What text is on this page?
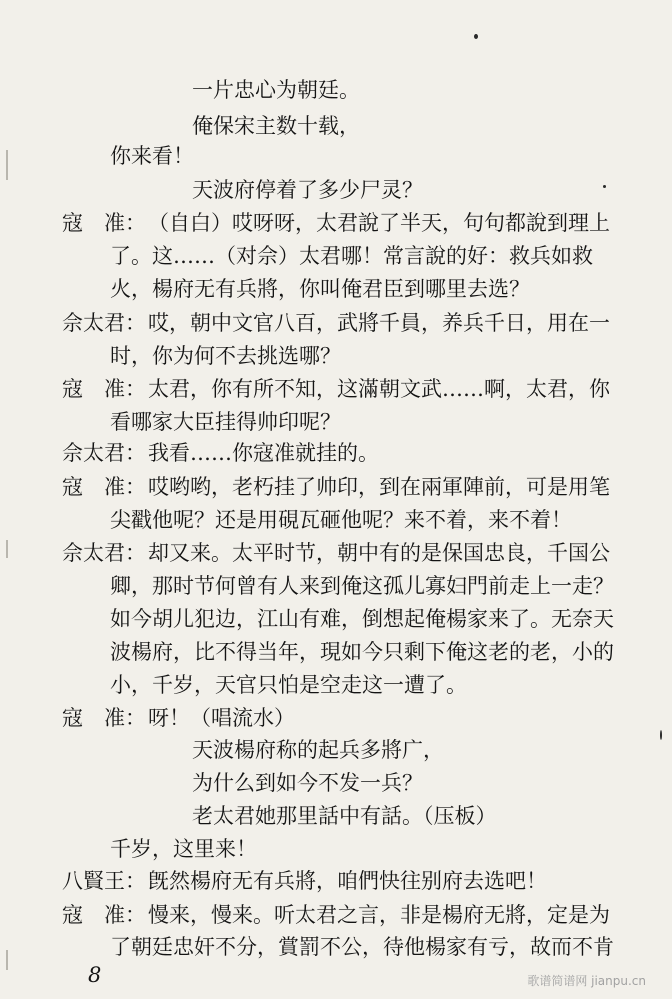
一片忠心为朝廷。
俺保宋主数十载，
你来看！
天波府停着了多少尸灵？
寇　准： （自白）哎呀呀，太君說了半天，句句都說到理上
了。这……（对佘）太君哪！常言說的好：救兵如救
火，楊府无有兵將，你叫俺君臣到哪里去选？
佘太君： 哎，朝中文官八百，武將千員，养兵千日，用在一
时，你为何不去挑选哪？
寇　准： 太君，你有所不知，这滿朝文武……啊，太君，你
看哪家大臣挂得帅印呢？
佘太君： 我看……你寇准就挂的。
寇　准： 哎哟哟，老朽挂了帅印，到在兩軍陣前，可是用笔
尖戳他呢？还是用硯瓦砸他呢？来不着，来不着！
佘太君： 却又来。太平时节，朝中有的是保国忠良，千国公
卿，那时节何曾有人来到俺这孤儿寡妇門前走上一走？
如今胡儿犯边，江山有难，倒想起俺楊家来了。无奈天
波楊府，比不得当年，現如今只剩下俺这老的老，小的
小，千岁，天官只怕是空走这一遭了。
寇　准： 呀！（唱流水）
天波楊府称的起兵多將广，
为什么到如今不发一兵？
老太君她那里話中有話。（压板）
千岁，这里来！
八賢王： 旣然楊府无有兵將，咱們快往别府去选吧！
寇　准： 慢来，慢来。听太君之言，非是楊府无將，定是为
了朝廷忠奸不分，賞罰不公，待他楊家有亏，故而不肯
8	歌谱简谱网 jianpu.cn
